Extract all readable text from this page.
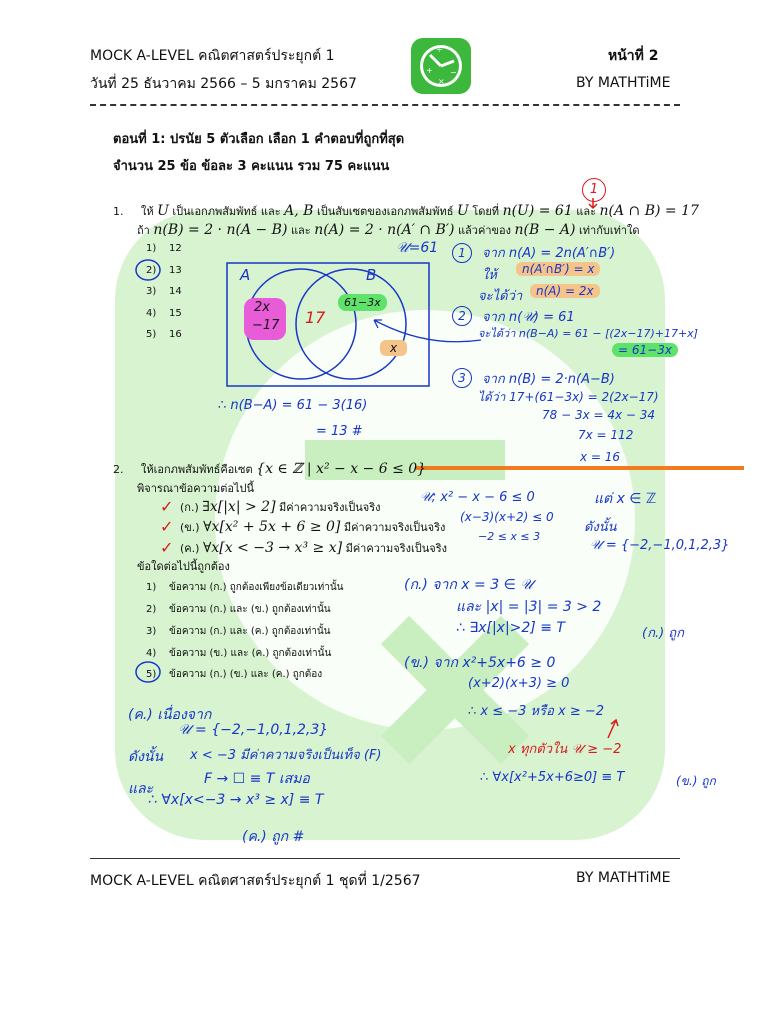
MOCK A-LEVEL คณิตศาสตร์ประยุกต์ 1
วันที่ 25 ธันวาคม 2566 – 5 มกราคม 2567
หน้าที่ 2
BY MATHTiME
÷
+
×
−
ตอนที่ 1: ปรนัย 5 ตัวเลือก เลือก 1 คำตอบที่ถูกที่สุด
จำนวน 25 ข้อ ข้อละ 3 คะแนน รวม 75 คะแนน
1. ให้ U เป็นเอกภพสัมพัทธ์ และ A, B เป็นสับเซตของเอกภพสัมพัทธ์ U โดยที่ n(U) = 61 และ n(A ∩ B) = 17
ถ้า n(B) = 2 · n(A − B) และ n(A) = 2 · n(A′ ∩ B′) แล้วค่าของ n(B − A) เท่ากับเท่าใด
1) 12
2) 13
3) 14
4) 15
5) 16
1
𝒰=61
A	B
2x
−17 17
61−3x
x
1	จาก n(A) = 2n(A′∩B′)
ให้	n(A′∩B′) = x
จะได้ว่า	n(A) = 2x
2	จาก n(𝒰) = 61
จะได้ว่า n(B−A) = 61 − [(2x−17)+17+x]
= 61−3x
3	จาก n(B) = 2·n(A−B)
ได้ว่า 17+(61−3x) = 2(2x−17)
78 − 3x = 4x − 34
7x = 112
x = 16
∴ n(B−A) = 61 − 3(16)
= 13 #
2. ให้เอกภพสัมพัทธ์คือเซต {x ∈ ℤ | x² − x − 6 ≤ 0}
พิจารณาข้อความต่อไปนี้
✓ (ก.) ∃x[|x| > 2] มีค่าความจริงเป็นจริง
✓ (ข.) ∀x[x² + 5x + 6 ≥ 0] มีค่าความจริงเป็นจริง
✓ (ค.) ∀x[x < −3 → x³ ≥ x] มีค่าความจริงเป็นจริง
ข้อใดต่อไปนี้ถูกต้อง
1) ข้อความ (ก.) ถูกต้องเพียงข้อเดียวเท่านั้น
2) ข้อความ (ก.) และ (ข.) ถูกต้องเท่านั้น
3) ข้อความ (ก.) และ (ค.) ถูกต้องเท่านั้น
4) ข้อความ (ข.) และ (ค.) ถูกต้องเท่านั้น
5) ข้อความ (ก.) (ข.) และ (ค.) ถูกต้อง
𝒰; x² − x − 6 ≤ 0
(x−3)(x+2) ≤ 0
−2 ≤ x ≤ 3
แต่ x ∈ ℤ
ดังนั้น
𝒰 = {−2,−1,0,1,2,3}
(ก.) จาก x = 3 ∈ 𝒰
และ |x| = |3| = 3 > 2
∴ ∃x[|x|>2] ≡ T	(ก.) ถูก
(ข.) จาก x²+5x+6 ≥ 0
(x+2)(x+3) ≥ 0
∴ x ≤ −3 หรือ x ≥ −2
x ทุกตัวใน 𝒰 ≥ −2
∴ ∀x[x²+5x+6≥0] ≡ T	(ข.) ถูก
(ค.) เนื่องจาก
𝒰 = {−2,−1,0,1,2,3}
ดังนั้น x < −3 มีค่าความจริงเป็นเท็จ (F)
และ
F → ☐ ≡ T เสมอ
∴ ∀x[x<−3 → x³ ≥ x] ≡ T
(ค.) ถูก #
MOCK A-LEVEL คณิตศาสตร์ประยุกต์ 1 ชุดที่ 1/2567	BY MATHTiME
